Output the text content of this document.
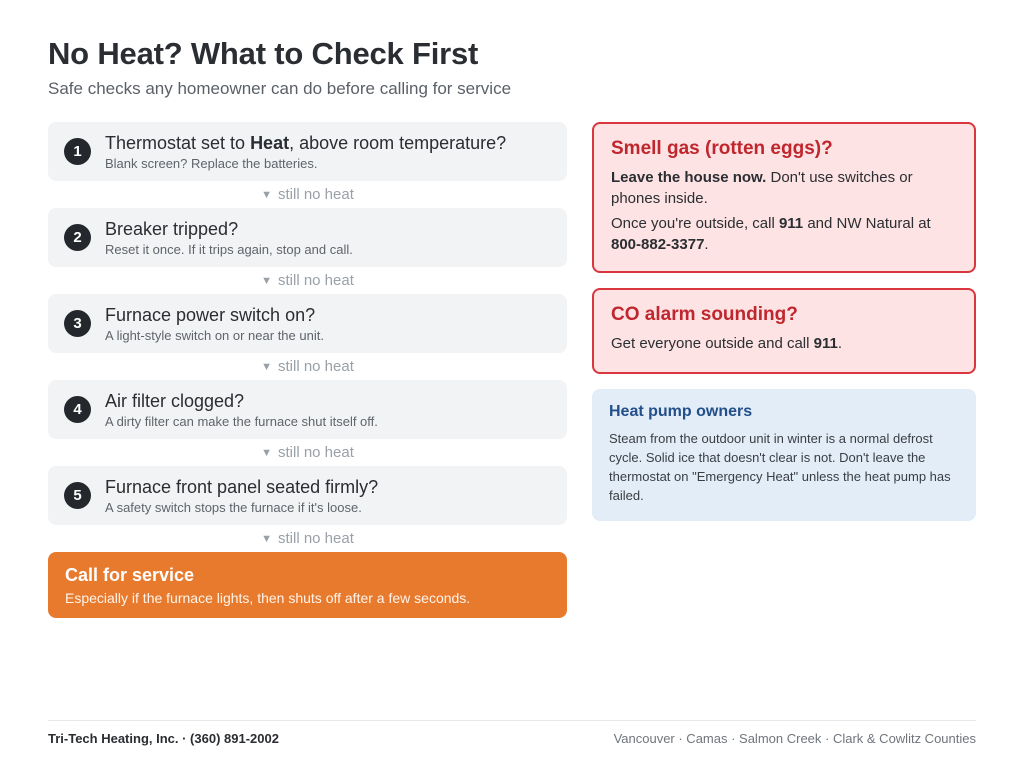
No Heat? What to Check First
Safe checks any homeowner can do before calling for service
1	Thermostat set to Heat, above room temperature?
Blank screen? Replace the batteries.
▼ still no heat
2	Breaker tripped?
Reset it once. If it trips again, stop and call.
▼ still no heat
3	Furnace power switch on?
A light-style switch on or near the unit.
▼ still no heat
4	Air filter clogged?
A dirty filter can make the furnace shut itself off.
▼ still no heat
5	Furnace front panel seated firmly?
A safety switch stops the furnace if it's loose.
▼ still no heat
Call for service
Especially if the furnace lights, then shuts off after a few seconds.
Smell gas (rotten eggs)?

Leave the house now. Don't use switches or phones inside.

Once you're outside, call 911 and NW Natural at 800-882-3377.

CO alarm sounding?

Get everyone outside and call 911.

Heat pump owners
Steam from the outdoor unit in winter is a normal defrost cycle. Solid ice that doesn't clear is not. Don't leave the thermostat on "Emergency Heat" unless the heat pump has failed.
Tri-Tech Heating, Inc. · (360) 891-2002	Vancouver · Camas · Salmon Creek · Clark & Cowlitz Counties
